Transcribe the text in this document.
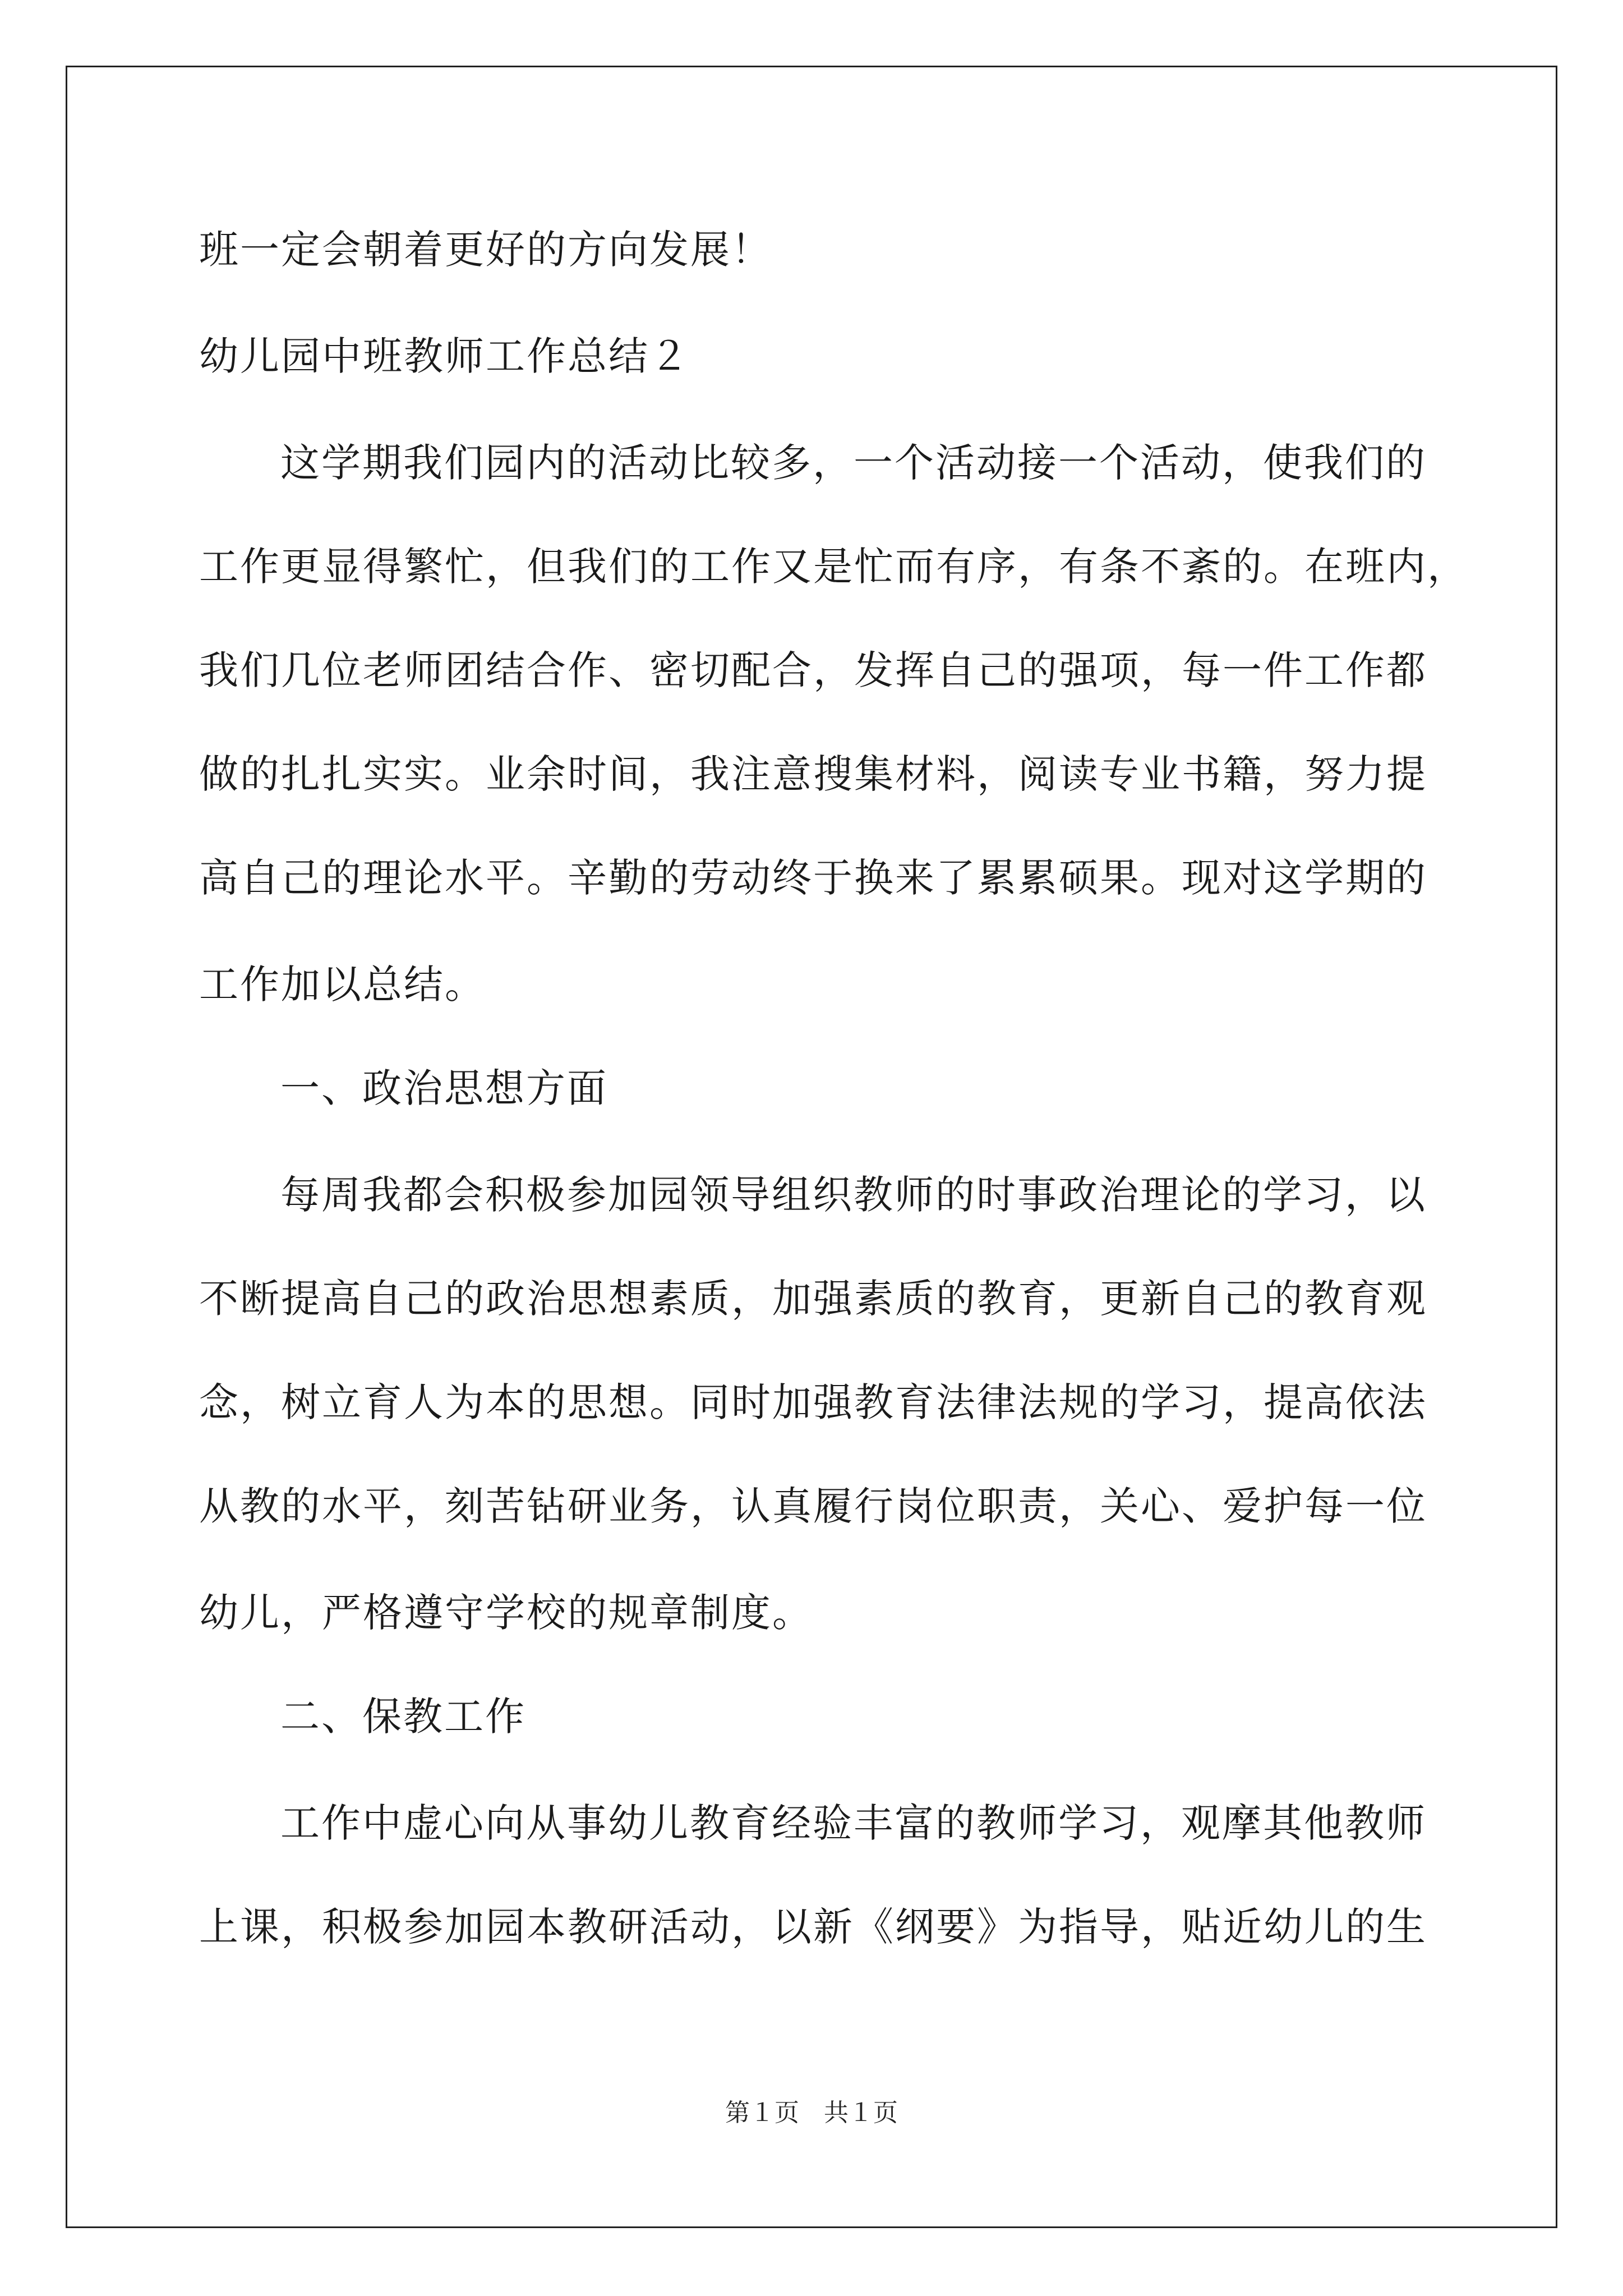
班一定会朝着更好的方向发展！
幼儿园中班教师工作总结２
这学期我们园内的活动比较多，一个活动接一个活动，使我们的
工作更显得繁忙，但我们的工作又是忙而有序，有条不紊的。在班内，
我们几位老师团结合作、密切配合，发挥自己的强项，每一件工作都
做的扎扎实实。业余时间，我注意搜集材料，阅读专业书籍，努力提
高自己的理论水平。辛勤的劳动终于换来了累累硕果。现对这学期的
工作加以总结。
一、政治思想方面
每周我都会积极参加园领导组织教师的时事政治理论的学习，以
不断提高自己的政治思想素质，加强素质的教育，更新自己的教育观
念，树立育人为本的思想。同时加强教育法律法规的学习，提高依法
从教的水平，刻苦钻研业务，认真履行岗位职责，关心、爱护每一位
幼儿，严格遵守学校的规章制度。
二、保教工作
工作中虚心向从事幼儿教育经验丰富的教师学习，观摩其他教师
上课，积极参加园本教研活动，以新《纲要》为指导，贴近幼儿的生
第１页　共１页
